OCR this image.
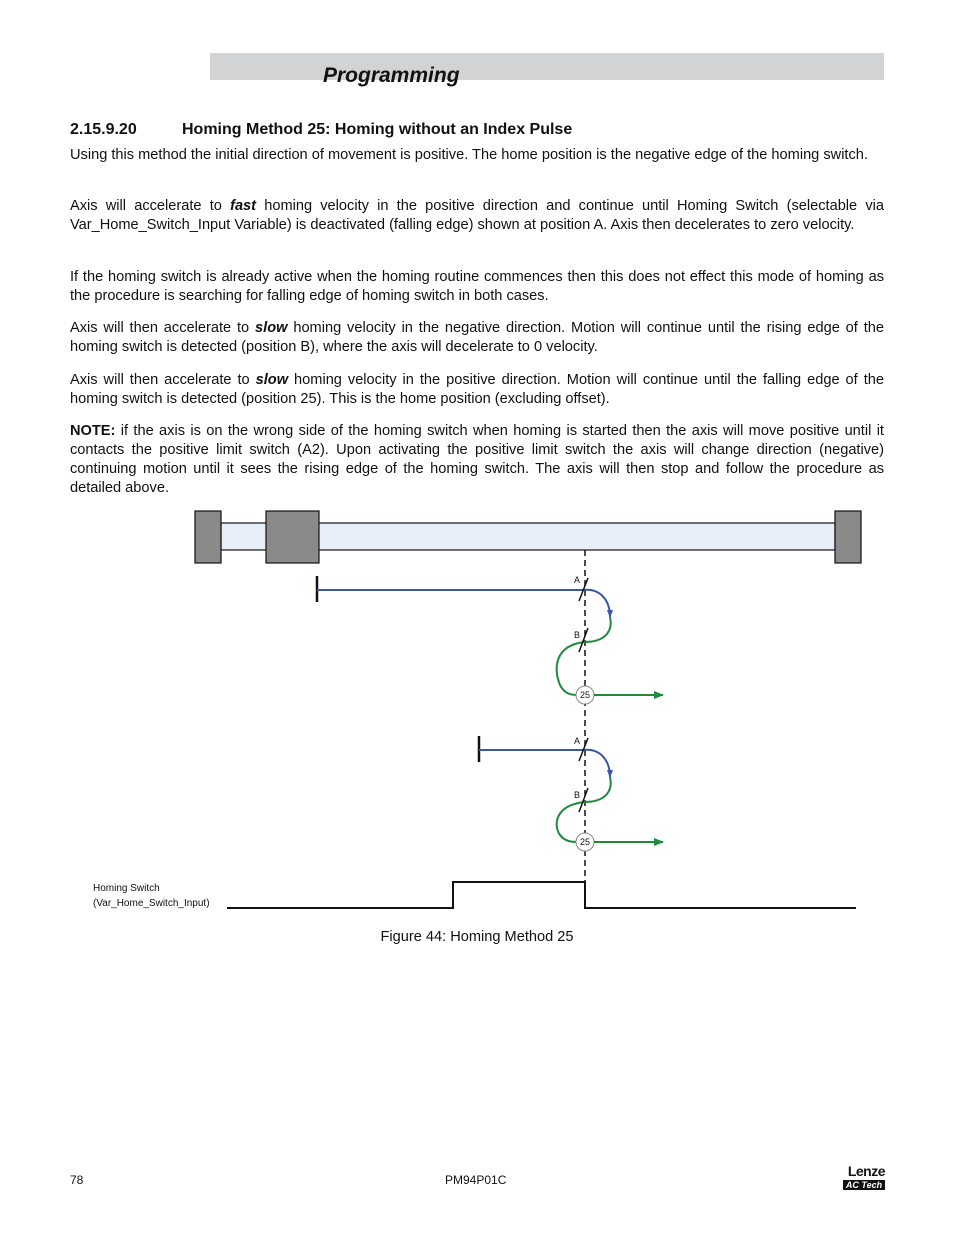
Programming
2.15.9.20	Homing Method 25: Homing without an Index Pulse

Using this method the initial direction of movement is positive. The home position is the negative edge of the homing switch.

Axis will accelerate to fast homing velocity in the positive direction and continue until Homing Switch (selectable via Var_Home_Switch_Input Variable) is deactivated (falling edge) shown at position A. Axis then decelerates to zero velocity.

If the homing switch is already active when the homing routine commences then this does not effect this mode of homing as the procedure is searching for falling edge of homing switch in both cases.

Axis will then accelerate to slow homing velocity in the negative direction. Motion will continue until the rising edge of the homing switch is detected (position B), where the axis will decelerate to 0 velocity.

Axis will then accelerate to slow homing velocity in the positive direction. Motion will continue until the falling edge of the homing switch is detected (position 25). This is the home position (excluding offset).

NOTE: if the axis is on the wrong side of the homing switch when homing is started then the axis will move positive until it contacts the positive limit switch (A2). Upon activating the positive limit switch the axis will change direction (negative) continuing motion until it sees the rising edge of the homing switch. The axis will then stop and follow the procedure as detailed above.

A
B
25
A
B
25
Homing Switch
(Var_Home_Switch_Input)
Figure 44: Homing Method 25
78	PM94P01C
Lenze
AC Tech
